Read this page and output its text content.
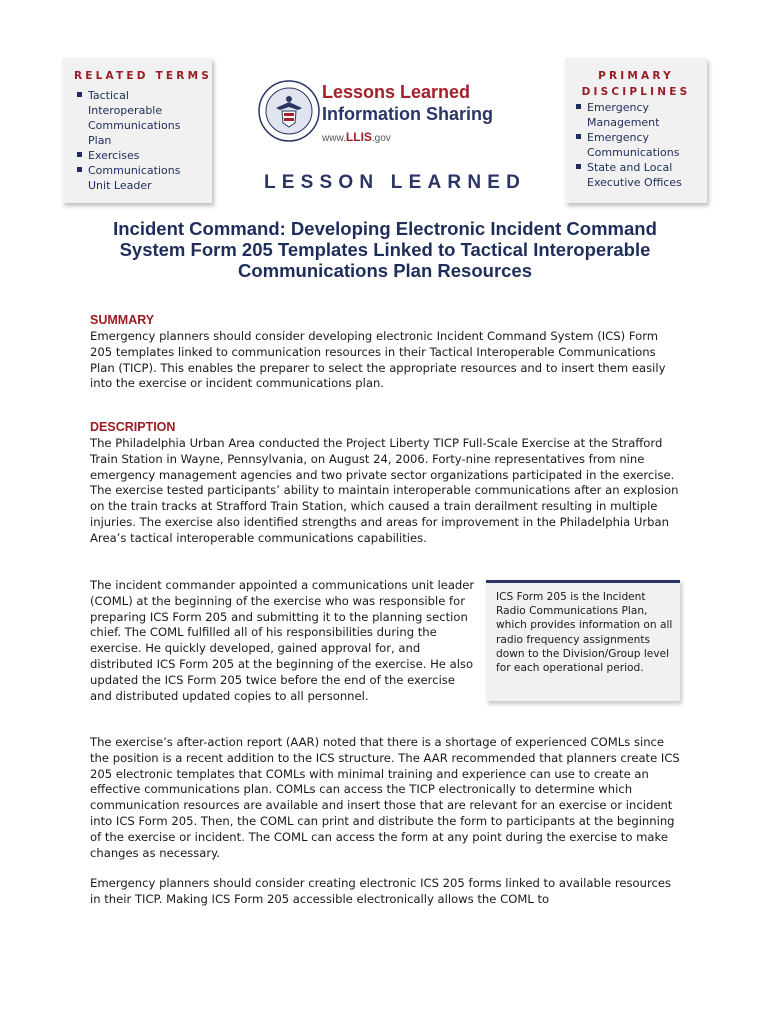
RELATED TERMS
Tactical Interoperable Communications Plan
Exercises
Communications Unit Leader
Lessons Learned
Information Sharing
www.LLIS.gov
LESSON LEARNED
PRIMARY DISCIPLINES
Emergency Management
Emergency Communications
State and Local Executive Offices
Incident Command: Developing Electronic Incident Command System Form 205 Templates Linked to Tactical Interoperable Communications Plan Resources
SUMMARY

Emergency planners should consider developing electronic Incident Command System (ICS) Form 205 templates linked to communication resources in their Tactical Interoperable Communications Plan (TICP). This enables the preparer to select the appropriate resources and to insert them easily into the exercise or incident communications plan.

DESCRIPTION

The Philadelphia Urban Area conducted the Project Liberty TICP Full-Scale Exercise at the Strafford Train Station in Wayne, Pennsylvania, on August 24, 2006. Forty-nine representatives from nine emergency management agencies and two private sector organizations participated in the exercise. The exercise tested participants’ ability to maintain interoperable communications after an explosion on the train tracks at Strafford Train Station, which caused a train derailment resulting in multiple injuries. The exercise also identified strengths and areas for improvement in the Philadelphia Urban Area’s tactical interoperable communications capabilities.

The incident commander appointed a communications unit leader (COML) at the beginning of the exercise who was responsible for preparing ICS Form 205 and submitting it to the planning section chief. The COML fulfilled all of his responsibilities during the exercise. He quickly developed, gained approval for, and distributed ICS Form 205 at the beginning of the exercise. He also updated the ICS Form 205 twice before the end of the exercise and distributed updated copies to all personnel.

ICS Form 205 is the Incident Radio Communications Plan, which provides information on all radio frequency assignments down to the Division/Group level for each operational period.

The exercise’s after-action report (AAR) noted that there is a shortage of experienced COMLs since the position is a recent addition to the ICS structure. The AAR recommended that planners create ICS 205 electronic templates that COMLs with minimal training and experience can use to create an effective communications plan. COMLs can access the TICP electronically to determine which communication resources are available and insert those that are relevant for an exercise or incident into ICS Form 205. Then, the COML can print and distribute the form to participants at the beginning of the exercise or incident. The COML can access the form at any point during the exercise to make changes as necessary.

Emergency planners should consider creating electronic ICS 205 forms linked to available resources in their TICP. Making ICS Form 205 accessible electronically allows the COML to
